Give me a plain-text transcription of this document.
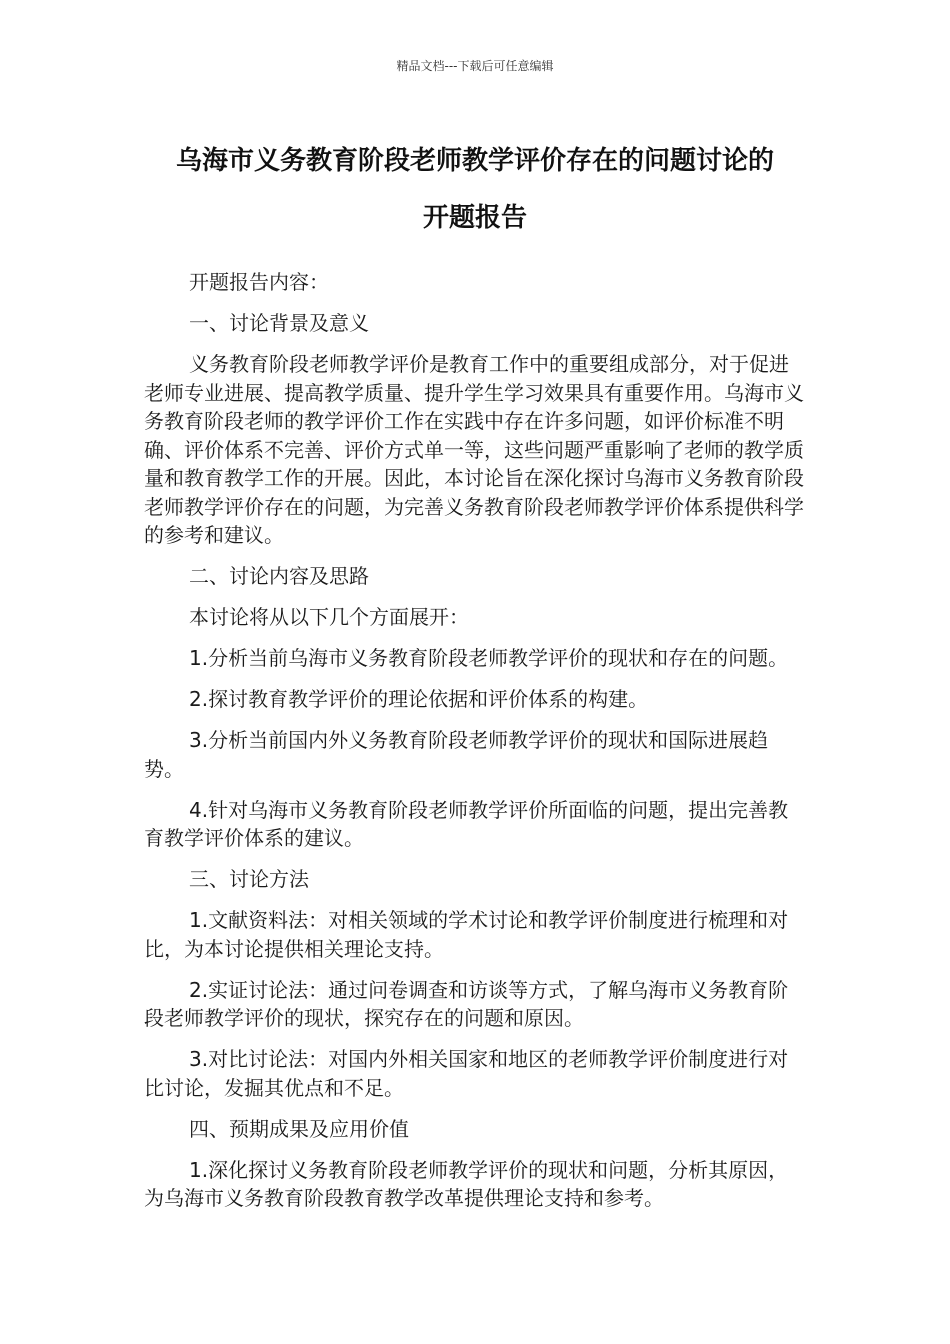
精品文档---下载后可任意编辑
乌海市义务教育阶段老师教学评价存在的问题讨论的
开题报告

开题报告内容：

一、讨论背景及意义

义务教育阶段老师教学评价是教育工作中的重要组成部分，对于促进老师专业进展、提高教学质量、提升学生学习效果具有重要作用。乌海市义务教育阶段老师的教学评价工作在实践中存在许多问题，如评价标准不明确、评价体系不完善、评价方式单一等，这些问题严重影响了老师的教学质量和教育教学工作的开展。因此，本讨论旨在深化探讨乌海市义务教育阶段老师教学评价存在的问题，为完善义务教育阶段老师教学评价体系提供科学的参考和建议。

二、讨论内容及思路

本讨论将从以下几个方面展开：

1.分析当前乌海市义务教育阶段老师教学评价的现状和存在的问题。

2.探讨教育教学评价的理论依据和评价体系的构建。

3.分析当前国内外义务教育阶段老师教学评价的现状和国际进展趋势。

4.针对乌海市义务教育阶段老师教学评价所面临的问题，提出完善教育教学评价体系的建议。

三、讨论方法

1.文献资料法：对相关领域的学术讨论和教学评价制度进行梳理和对比，为本讨论提供相关理论支持。

2.实证讨论法：通过问卷调查和访谈等方式，了解乌海市义务教育阶段老师教学评价的现状，探究存在的问题和原因。

3.对比讨论法：对国内外相关国家和地区的老师教学评价制度进行对比讨论，发掘其优点和不足。

四、预期成果及应用价值

1.深化探讨义务教育阶段老师教学评价的现状和问题，分析其原因，为乌海市义务教育阶段教育教学改革提供理论支持和参考。
